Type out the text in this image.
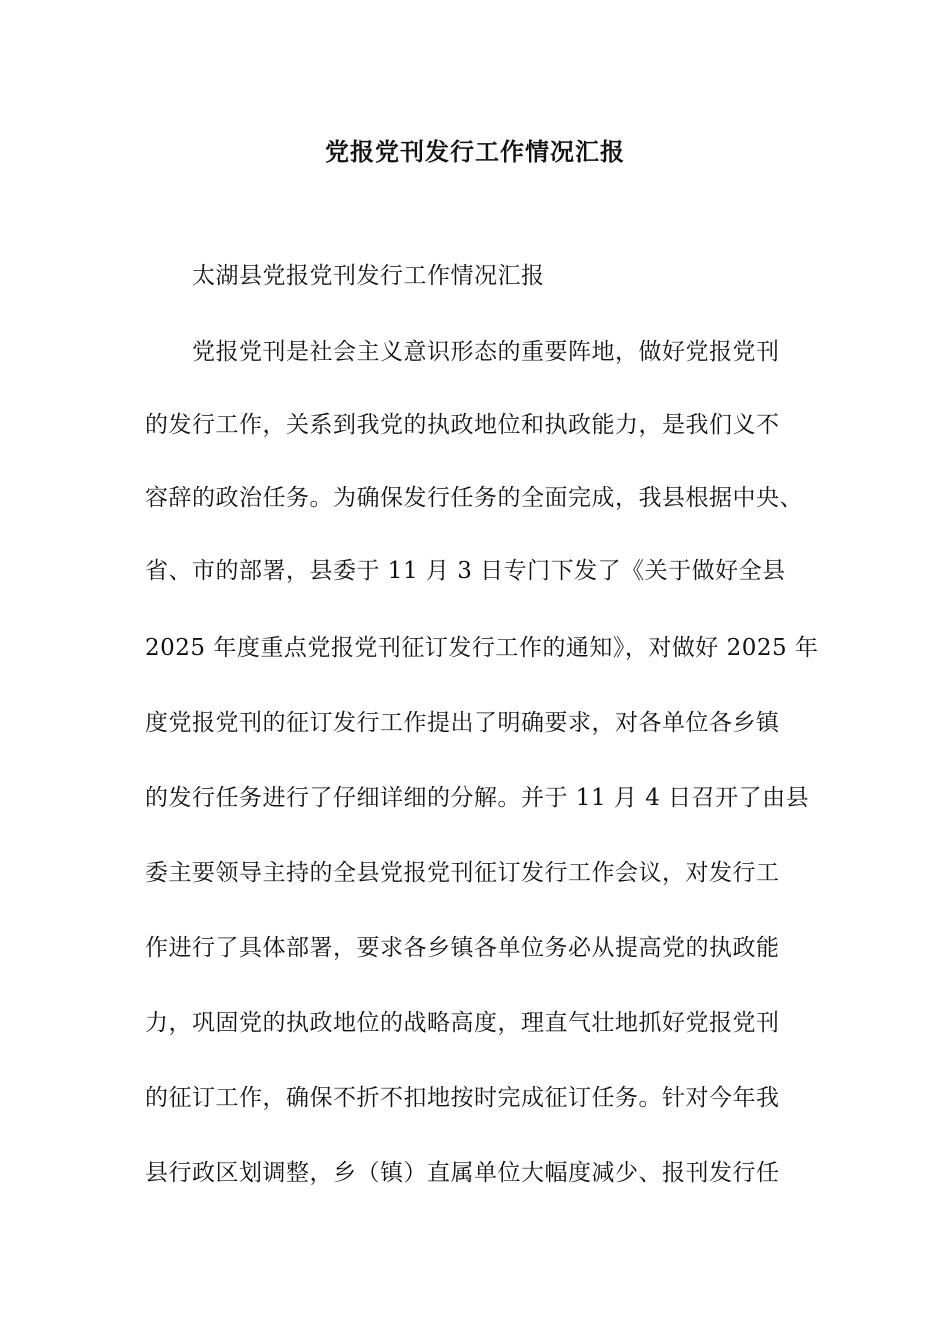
党报党刊发行工作情况汇报
太湖县党报党刊发行工作情况汇报
党报党刊是社会主义意识形态的重要阵地，做好党报党刊
的发行工作，关系到我党的执政地位和执政能力，是我们义不
容辞的政治任务。为确保发行任务的全面完成，我县根据中央、
省、市的部署，县委于 11 月 3 日专门下发了《关于做好全县
2025 年度重点党报党刊征订发行工作的通知》，对做好 2025 年
度党报党刊的征订发行工作提出了明确要求，对各单位各乡镇
的发行任务进行了仔细详细的分解。并于 11 月 4 日召开了由县
委主要领导主持的全县党报党刊征订发行工作会议，对发行工
作进行了具体部署，要求各乡镇各单位务必从提高党的执政能
力，巩固党的执政地位的战略高度，理直气壮地抓好党报党刊
的征订工作，确保不折不扣地按时完成征订任务。针对今年我
县行政区划调整，乡（镇）直属单位大幅度减少、报刊发行任
